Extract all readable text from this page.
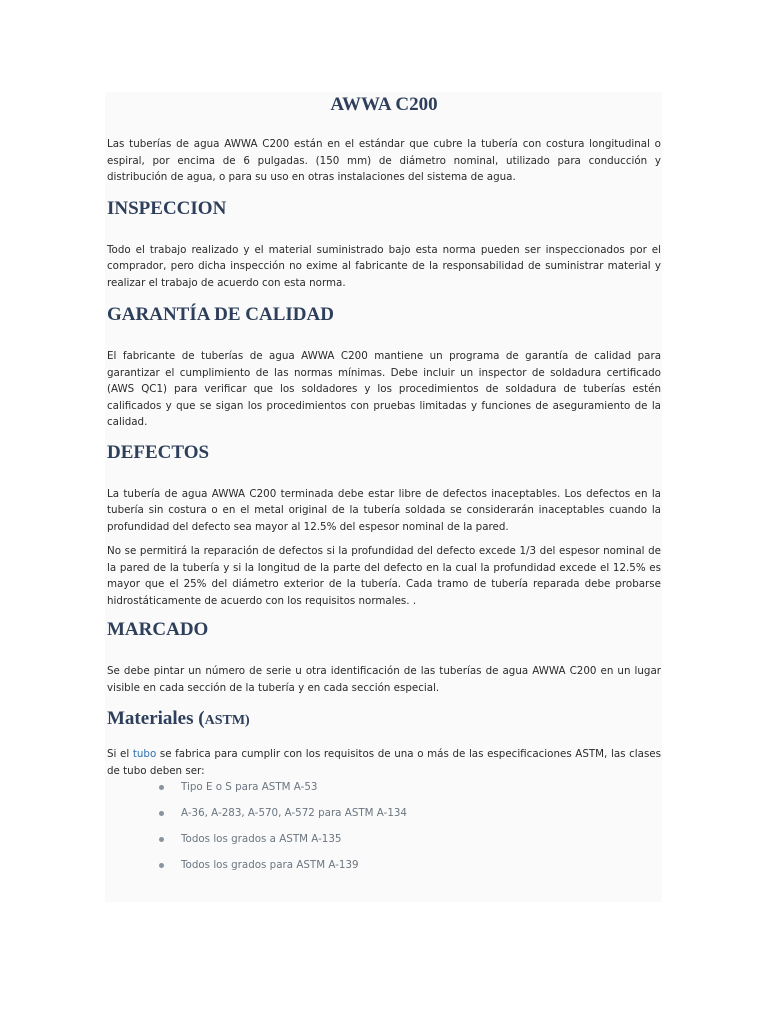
AWWA C200

Las tuberías de agua AWWA C200 están en el estándar que cubre la tubería con costura longitudinal o espiral, por encima de 6 pulgadas. (150 mm) de diámetro nominal, utilizado para conducción y distribución de agua, o para su uso en otras instalaciones del sistema de agua.

INSPECCION

Todo el trabajo realizado y el material suministrado bajo esta norma pueden ser inspeccionados por el comprador, pero dicha inspección no exime al fabricante de la responsabilidad de suministrar material y realizar el trabajo de acuerdo con esta norma.

GARANTÍA DE CALIDAD

El fabricante de tuberías de agua AWWA C200 mantiene un programa de garantía de calidad para garantizar el cumplimiento de las normas mínimas. Debe incluir un inspector de soldadura certificado (AWS QC1) para verificar que los soldadores y los procedimientos de soldadura de tuberías estén calificados y que se sigan los procedimientos con pruebas limitadas y funciones de aseguramiento de la calidad.

DEFECTOS

La tubería de agua AWWA C200 terminada debe estar libre de defectos inaceptables. Los defectos en la tubería sin costura o en el metal original de la tubería soldada se considerarán inaceptables cuando la profundidad del defecto sea mayor al 12.5% del espesor nominal de la pared.

No se permitirá la reparación de defectos si la profundidad del defecto excede 1/3 del espesor nominal de la pared de la tubería y si la longitud de la parte del defecto en la cual la profundidad excede el 12.5% es mayor que el 25% del diámetro exterior de la tubería. Cada tramo de tubería reparada debe probarse hidrostáticamente de acuerdo con los requisitos normales. .

MARCADO

Se debe pintar un número de serie u otra identificación de las tuberías de agua AWWA C200 en un lugar visible en cada sección de la tubería y en cada sección especial.

Materiales (ASTM)

Si el tubo se fabrica para cumplir con los requisitos de una o más de las especificaciones ASTM, las clases de tubo deben ser:

Tipo E o S para ASTM A-53
A-36, A-283, A-570, A-572 para ASTM A-134
Todos los grados a ASTM A-135
Todos los grados para ASTM A-139
